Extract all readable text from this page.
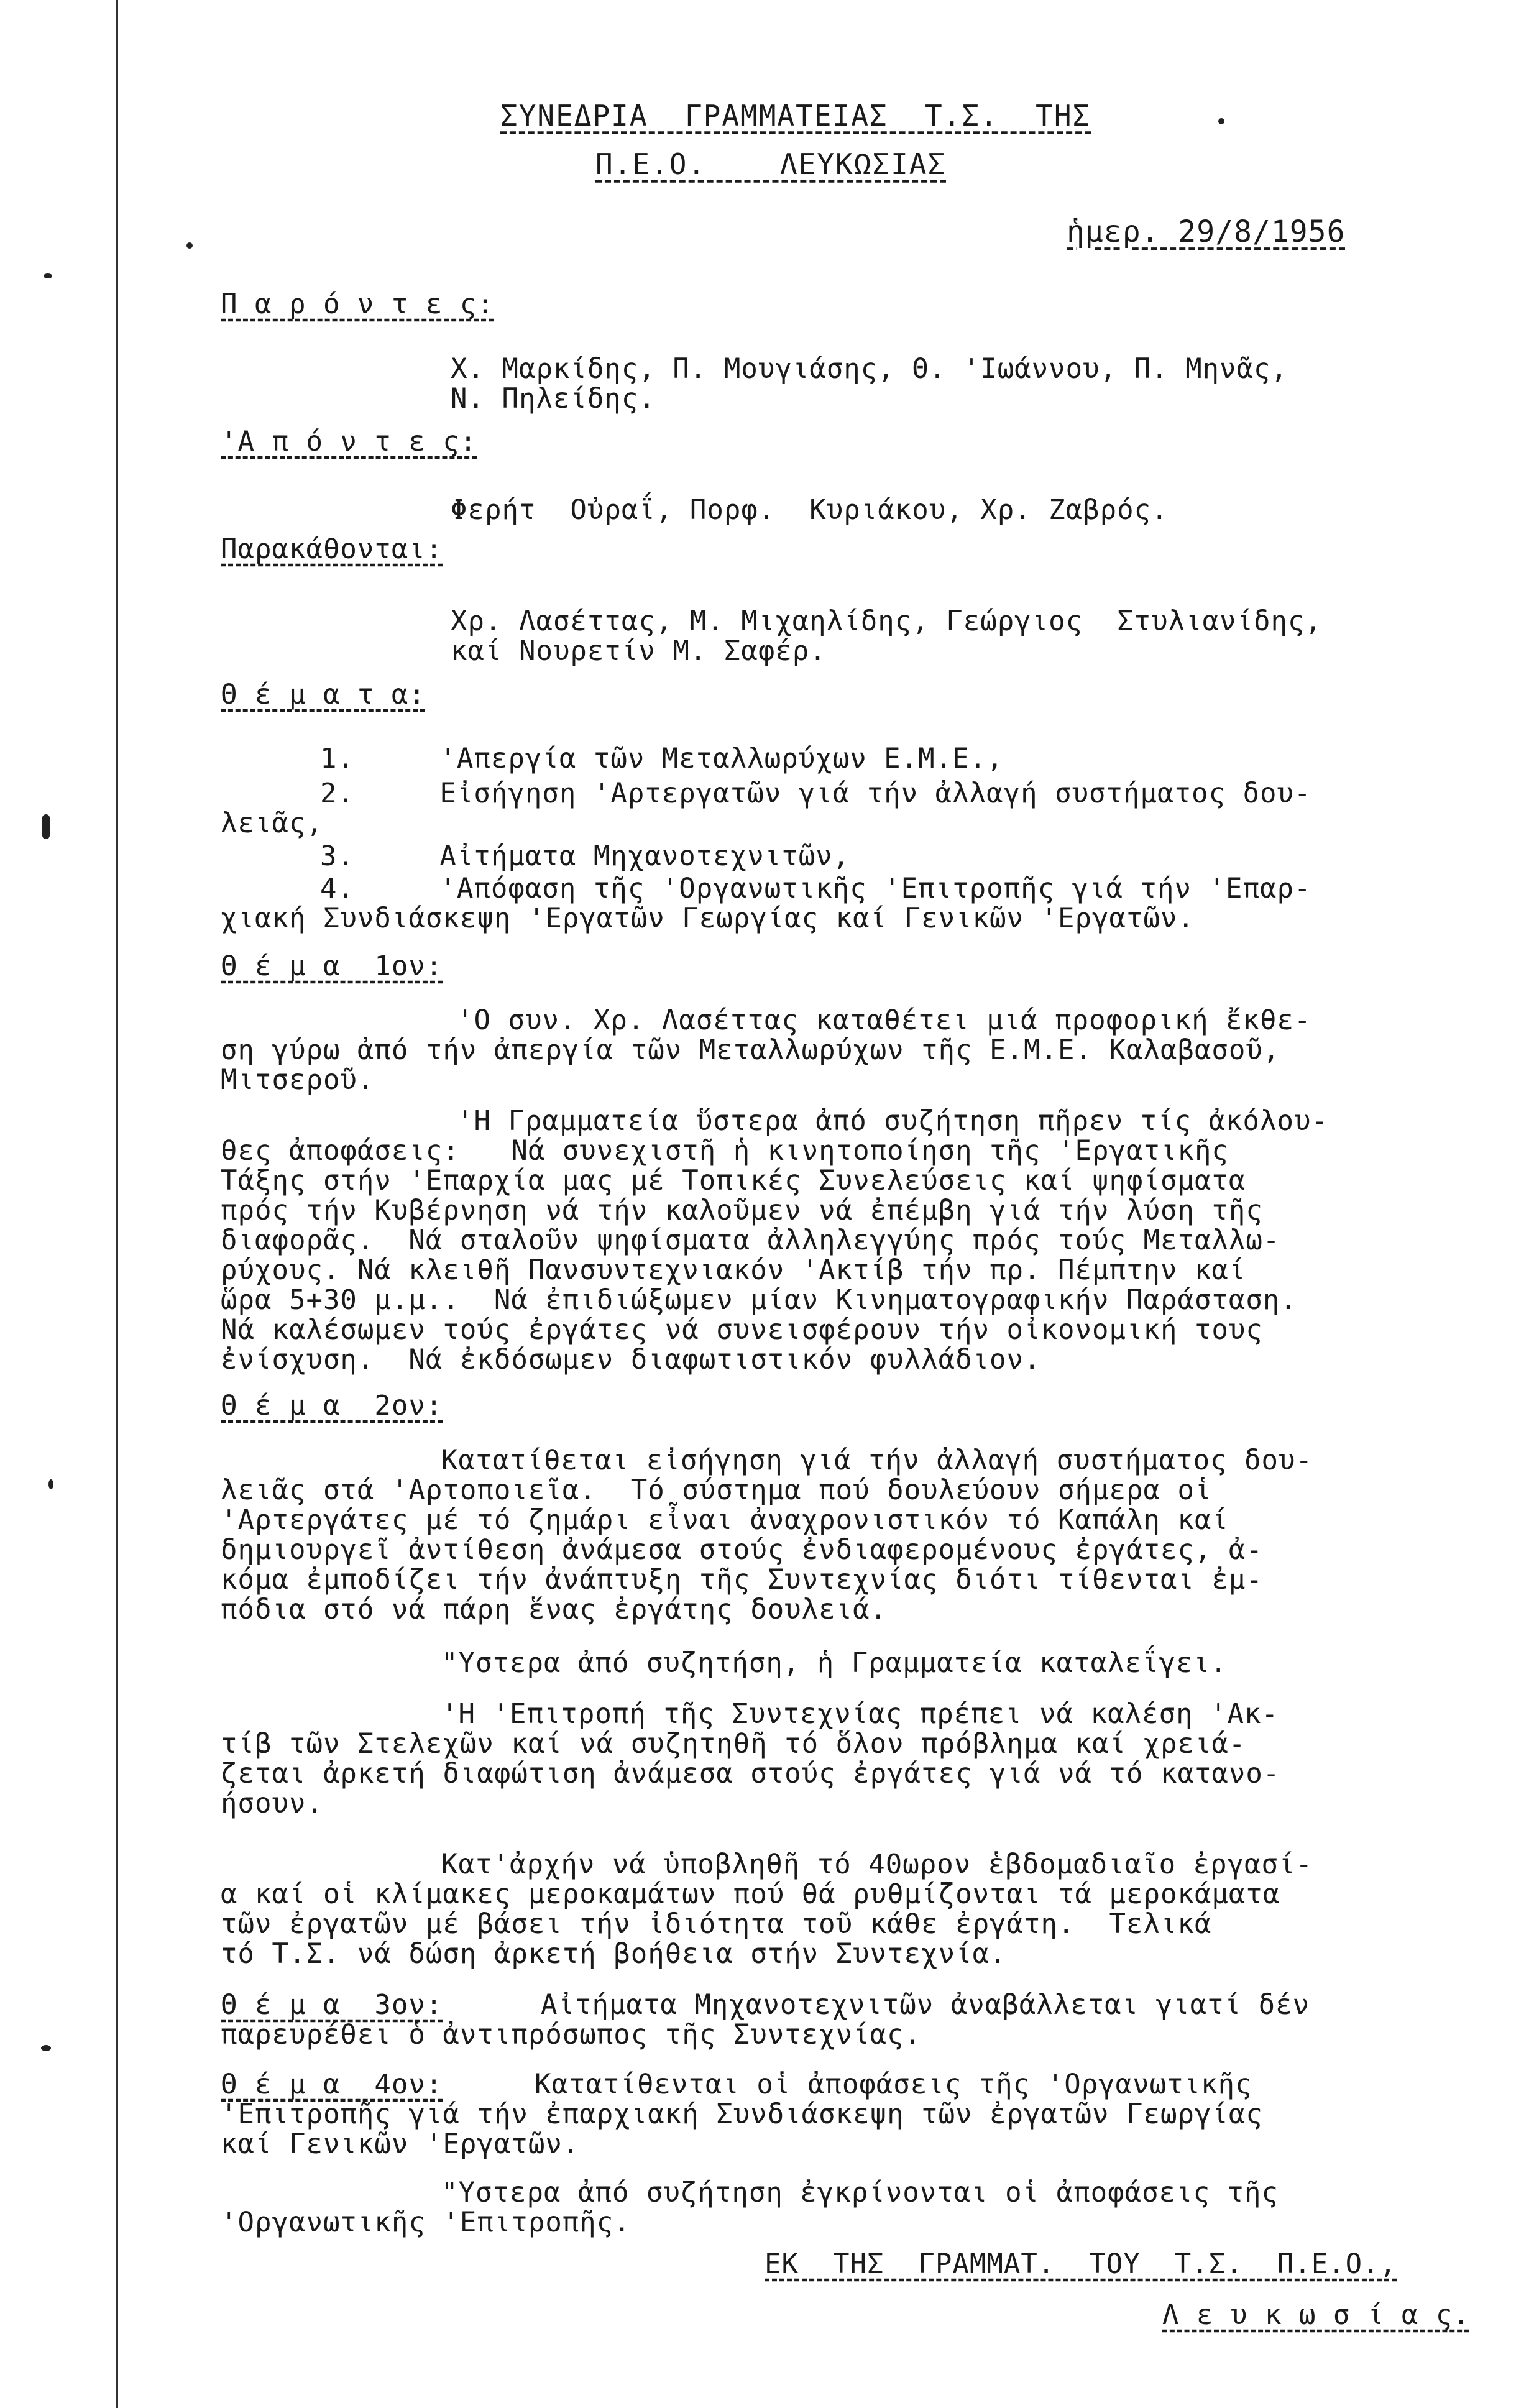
ΣΥΝΕΔΡΙΑ  ΓΡΑΜΜΑΤΕΙΑΣ  Τ.Σ.  ΤΗΣ
Π.Ε.Ο.    ΛΕΥΚΩΣΙΑΣ
ἡμερ. 29/8/1956
Π α ρ ό ν τ ε ς:
Χ. Μαρκίδης, Π. Μουγιάσης, Θ. 'Ιωάννου, Π. Μηνᾶς,
Ν. Πηλείδης.
'Α π ό ν τ ε ς:
Φερήτ  Οὐραΐ, Πορφ.  Κυριάκου, Χρ. Ζαβρός.
Παρακάθονται:
Χρ. Λασέττας, Μ. Μιχαηλίδης, Γεώργιος  Στυλιανίδης,
καί Νουρετίν Μ. Σαφέρ.
Θ έ μ α τ α:
1.     'Απεργία τῶν Μεταλλωρύχων Ε.Μ.Ε.,
2.     Εἰσήγηση 'Αρτεργατῶν γιά τήν ἀλλαγή συστήματος δου-
λειᾶς,
3.     Αἰτήματα Μηχανοτεχνιτῶν,
4.     'Απόφαση τῆς 'Οργανωτικῆς 'Επιτροπῆς γιά τήν 'Επαρ-
χιακή Συνδιάσκεψη 'Εργατῶν Γεωργίας καί Γενικῶν 'Εργατῶν.
Θ έ μ α  1ον:
'Ο συν. Χρ. Λασέττας καταθέτει μιά προφορική ἔκθε-
ση γύρω ἀπό τήν ἀπεργία τῶν Μεταλλωρύχων τῆς Ε.Μ.Ε. Καλαβασοῦ,
Μιτσεροῦ.
'Η Γραμματεία ὕστερα ἀπό συζήτηση πῆρεν τίς ἀκόλου-
θες ἀποφάσεις:   Νά συνεχιστῆ ἡ κινητοποίηση τῆς 'Εργατικῆς
Τάξης στήν 'Επαρχία μας μέ Τοπικές Συνελεύσεις καί ψηφίσματα
πρός τήν Κυβέρνηση νά τήν καλοῦμεν νά ἐπέμβη γιά τήν λύση τῆς
διαφορᾶς.  Νά σταλοῦν ψηφίσματα ἀλληλεγγύης πρός τούς Μεταλλω-
ρύχους. Νά κλειθῆ Πανσυντεχνιακόν 'Ακτίβ τήν πρ. Πέμπτην καί
ὥρα 5+30 μ.μ..  Νά ἐπιδιώξωμεν μίαν Κινηματογραφικήν Παράσταση.
Νά καλέσωμεν τούς ἐργάτες νά συνεισφέρουν τήν οἰκονομική τους
ἐνίσχυση.  Νά ἐκδόσωμεν διαφωτιστικόν φυλλάδιον.
Θ έ μ α  2ον:
Κατατίθεται εἰσήγηση γιά τήν ἀλλαγή συστήματος δου-
λειᾶς στά 'Αρτοποιεῖα.  Τό σύστημα πού δουλεύουν σήμερα οἱ
'Αρτεργάτες μέ τό ζημάρι εἶναι ἀναχρονιστικόν τό Καπάλη καί
δημιουργεῖ ἀντίθεση ἀνάμεσα στούς ἐνδιαφερομένους ἐργάτες, ἀ-
κόμα ἐμποδίζει τήν ἀνάπτυξη τῆς Συντεχνίας διότι τίθενται ἐμ-
πόδια στό νά πάρη ἕνας ἐργάτης δουλειά.
"Υστερα ἀπό συζητήση, ἡ Γραμματεία καταλεΐγει.
'Η 'Επιτροπή τῆς Συντεχνίας πρέπει νά καλέση 'Ακ-
τίβ τῶν Στελεχῶν καί νά συζητηθῆ τό ὅλον πρόβλημα καί χρειά-
ζεται ἀρκετή διαφώτιση ἀνάμεσα στούς ἐργάτες γιά νά τό κατανο-
ήσουν.
Κατ'ἀρχήν νά ὑποβληθῆ τό 40ωρον ἑβδομαδιαῖο ἐργασί-
α καί οἱ κλίμακες μεροκαμάτων πού θά ρυθμίζονται τά μεροκάματα
τῶν ἐργατῶν μέ βάσει τήν ἰδιότητα τοῦ κάθε ἐργάτη.  Τελικά
τό Τ.Σ. νά δώση ἀρκετή βοήθεια στήν Συντεχνία.
Θ έ μ α  3ον:	Αἰτήματα Μηχανοτεχνιτῶν ἀναβάλλεται γιατί δέν
παρευρέθει ὁ ἀντιπρόσωπος τῆς Συντεχνίας.
Θ έ μ α  4ον:	Κατατίθενται οἱ ἀποφάσεις τῆς 'Οργανωτικῆς
'Επιτροπῆς γιά τήν ἐπαρχιακή Συνδιάσκεψη τῶν ἐργατῶν Γεωργίας
καί Γενικῶν 'Εργατῶν.
"Υστερα ἀπό συζήτηση ἐγκρίνονται οἱ ἀποφάσεις τῆς
'Οργανωτικῆς 'Επιτροπῆς.
ΕΚ  ΤΗΣ  ΓΡΑΜΜΑΤ.  ΤΟΥ  Τ.Σ.  Π.Ε.Ο.,
Λ ε υ κ ω σ ί α ς.
